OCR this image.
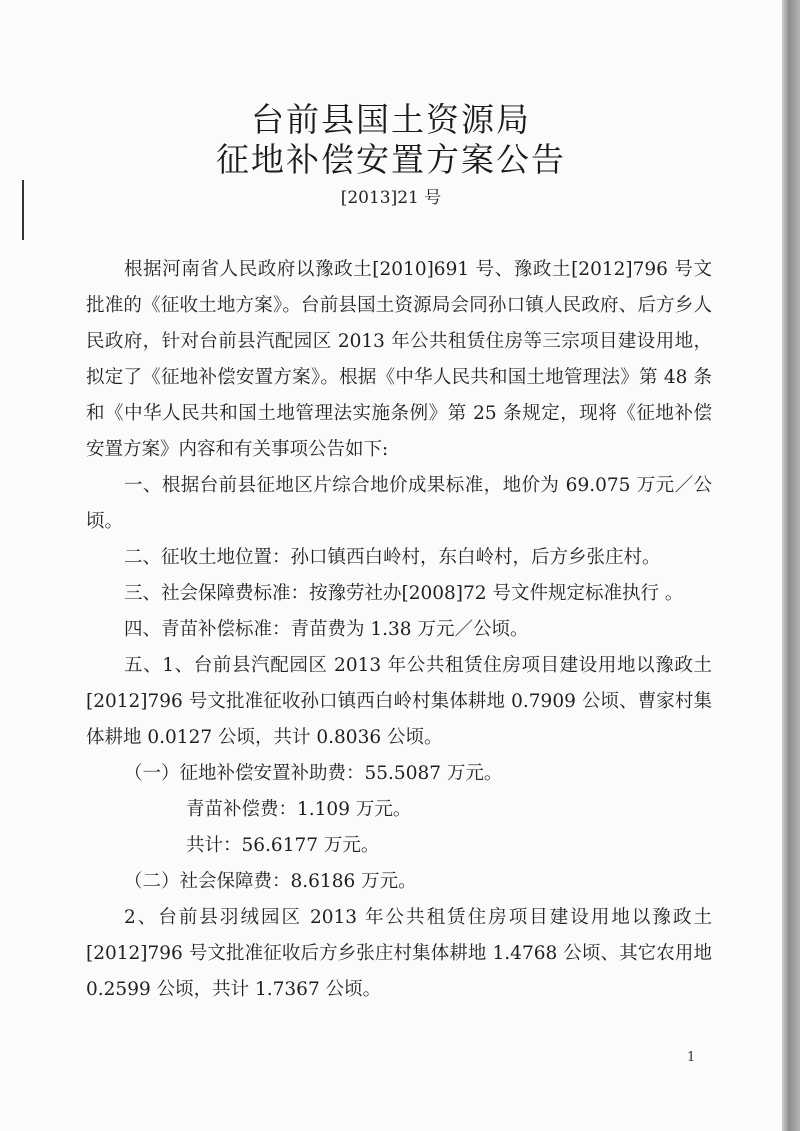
台前县国土资源局
征地补偿安置方案公告
[2013]21 号

根据河南省人民政府以豫政土[2010]691 号、豫政土[2012]796 号文批准的《征收土地方案》。台前县国土资源局会同孙口镇人民政府、后方乡人民政府，针对台前县汽配园区 2013 年公共租赁住房等三宗项目建设用地，拟定了《征地补偿安置方案》。根据《中华人民共和国土地管理法》第 48 条和《中华人民共和国土地管理法实施条例》第 25 条规定，现将《征地补偿安置方案》内容和有关事项公告如下:

一、根据台前县征地区片综合地价成果标准，地价为 69.075 万元／公顷。

二、征收土地位置：孙口镇西白岭村，东白岭村，后方乡张庄村。

三、社会保障费标准：按豫劳社办[2008]72 号文件规定标准执行 。

四、青苗补偿标准：青苗费为 1.38 万元／公顷。

五、1、台前县汽配园区 2013 年公共租赁住房项目建设用地以豫政土[2012]796 号文批准征收孙口镇西白岭村集体耕地 0.7909 公顷、曹家村集体耕地 0.0127 公顷，共计 0.8036 公顷。

（一）征地补偿安置补助费：55.5087 万元。

青苗补偿费：1.109 万元。

共计：56.6177 万元。

（二）社会保障费：8.6186 万元。

2、台前县羽绒园区 2013 年公共租赁住房项目建设用地以豫政土[2012]796 号文批准征收后方乡张庄村集体耕地 1.4768 公顷、其它农用地 0.2599 公顷，共计 1.7367 公顷。

1
